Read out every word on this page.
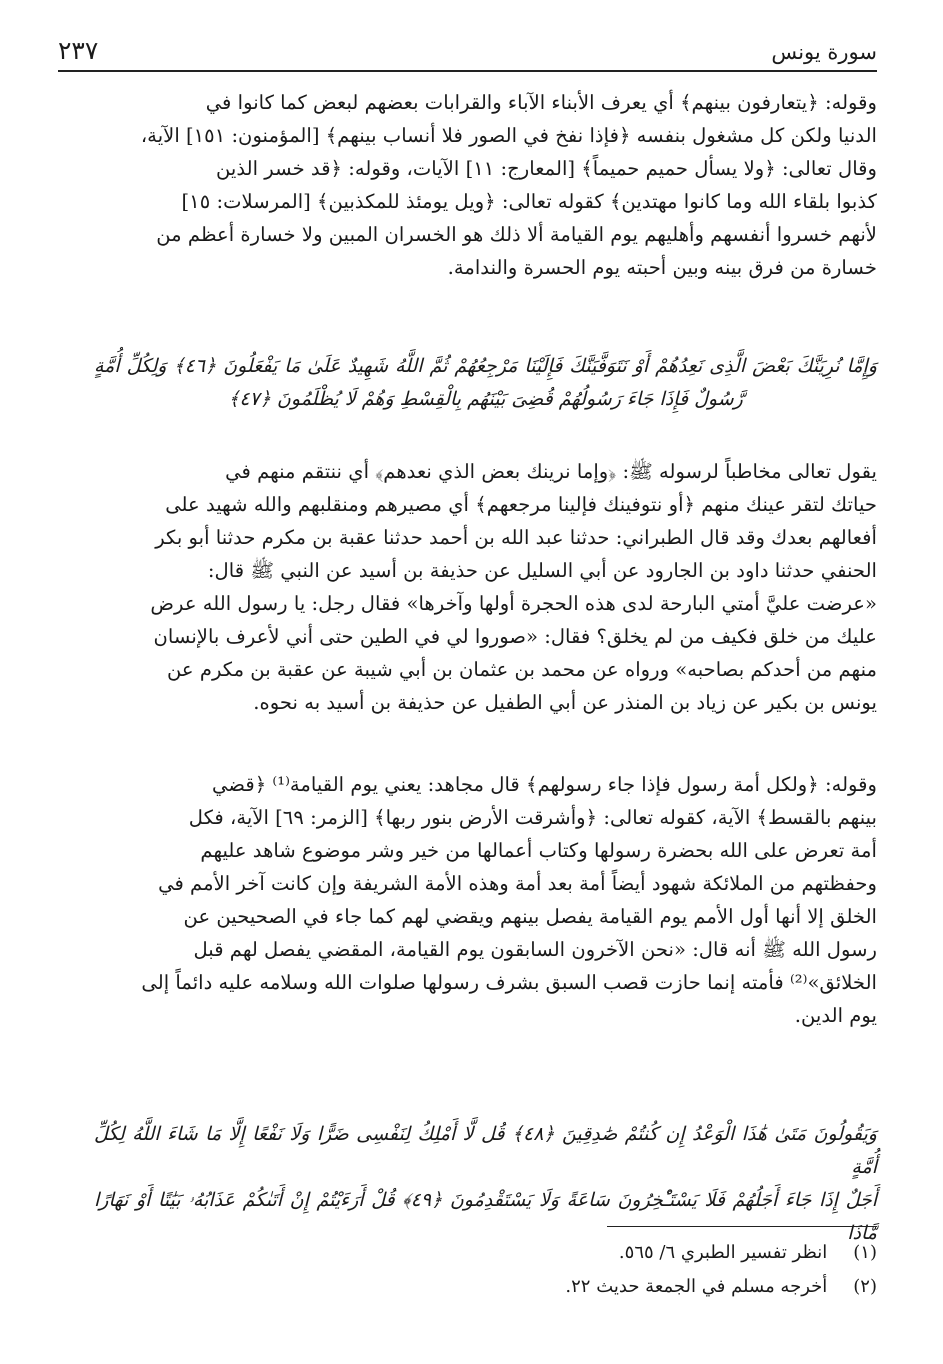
سورة يونس
٢٣٧

وقوله: ﴿يتعارفون بينهم﴾ أي يعرف الأبناء الآباء والقرابات بعضهم لبعض كما كانوا في

الدنيا ولكن كل مشغول بنفسه ﴿فإذا نفخ في الصور فلا أنساب بينهم﴾ [المؤمنون: ١٥١] الآية،

وقال تعالى: ﴿ولا يسأل حميم حميماً﴾ [المعارج: ١١] الآيات، وقوله: ﴿قد خسر الذين

كذبوا بلقاء الله وما كانوا مهتدين﴾ كقوله تعالى: ﴿ويل يومئذ للمكذبين﴾ [المرسلات: ١٥]

لأنهم خسروا أنفسهم وأهليهم يوم القيامة ألا ذلك هو الخسران المبين ولا خسارة أعظم من

خسارة من فرق بينه وبين أحبته يوم الحسرة والندامة.

وَإِمَّا نُرِيَنَّكَ بَعْضَ الَّذِى نَعِدُهُمْ أَوْ نَتَوَفَّيَنَّكَ فَإِلَيْنَا مَرْجِعُهُمْ ثُمَّ اللَّهُ شَهِيدٌ عَلَىٰ مَا يَفْعَلُونَ ﴿٤٦﴾ وَلِكُلِّ أُمَّةٍ

رَّسُولٌ فَإِذَا جَاءَ رَسُولُهُمْ قُضِىَ بَيْنَهُم بِالْقِسْطِ وَهُمْ لَا يُظْلَمُونَ ﴿٤٧﴾

يقول تعالى مخاطباً لرسوله ﷺ: ﴿وإما نرينك بعض الذي نعدهم﴾ أي ننتقم منهم في

حياتك لتقر عينك منهم ﴿أو نتوفينك فإلينا مرجعهم﴾ أي مصيرهم ومنقلبهم والله شهيد على

أفعالهم بعدك وقد قال الطبراني: حدثنا عبد الله بن أحمد حدثنا عقبة بن مكرم حدثنا أبو بكر

الحنفي حدثنا داود بن الجارود عن أبي السليل عن حذيفة بن أسيد عن النبي ﷺ قال:

«عرضت عليَّ أمتي البارحة لدى هذه الحجرة أولها وآخرها» فقال رجل: يا رسول الله عرض

عليك من خلق فكيف من لم يخلق؟ فقال: «صوروا لي في الطين حتى أني لأعرف بالإنسان

منهم من أحدكم بصاحبه» ورواه عن محمد بن عثمان بن أبي شيبة عن عقبة بن مكرم عن

يونس بن بكير عن زياد بن المنذر عن أبي الطفيل عن حذيفة بن أسيد به نحوه.

وقوله: ﴿ولكل أمة رسول فإذا جاء رسولهم﴾ قال مجاهد: يعني يوم القيامة⁽¹⁾ ﴿قضي

بينهم بالقسط﴾ الآية، كقوله تعالى: ﴿وأشرقت الأرض بنور ربها﴾ [الزمر: ٦٩] الآية، فكل

أمة تعرض على الله بحضرة رسولها وكتاب أعمالها من خير وشر موضوع شاهد عليهم

وحفظتهم من الملائكة شهود أيضاً أمة بعد أمة وهذه الأمة الشريفة وإن كانت آخر الأمم في

الخلق إلا أنها أول الأمم يوم القيامة يفصل بينهم ويقضي لهم كما جاء في الصحيحين عن

رسول الله ﷺ أنه قال: «نحن الآخرون السابقون يوم القيامة، المقضي يفصل لهم قبل

الخلائق»⁽²⁾ فأمته إنما حازت قصب السبق بشرف رسولها صلوات الله وسلامه عليه دائماً إلى

يوم الدين.

وَيَقُولُونَ مَتَىٰ هَٰذَا الْوَعْدُ إِن كُنتُمْ صَٰدِقِينَ ﴿٤٨﴾ قُل لَّا أَمْلِكُ لِنَفْسِى ضَرًّا وَلَا نَفْعًا إِلَّا مَا شَاءَ اللَّهُ لِكُلِّ أُمَّةٍ

أَجَلٌ إِذَا جَاءَ أَجَلُهُمْ فَلَا يَسْتَـْٔخِرُونَ سَاعَةً وَلَا يَسْتَقْدِمُونَ ﴿٤٩﴾ قُلْ أَرَءَيْتُمْ إِنْ أَتَىٰكُمْ عَذَابُهُۥ بَيَٰتًا أَوْ نَهَارًا مَّاذَا

(١) انظر تفسير الطبري ٦/ ٥٦٥.
(٢) أخرجه مسلم في الجمعة حديث ٢٢.
